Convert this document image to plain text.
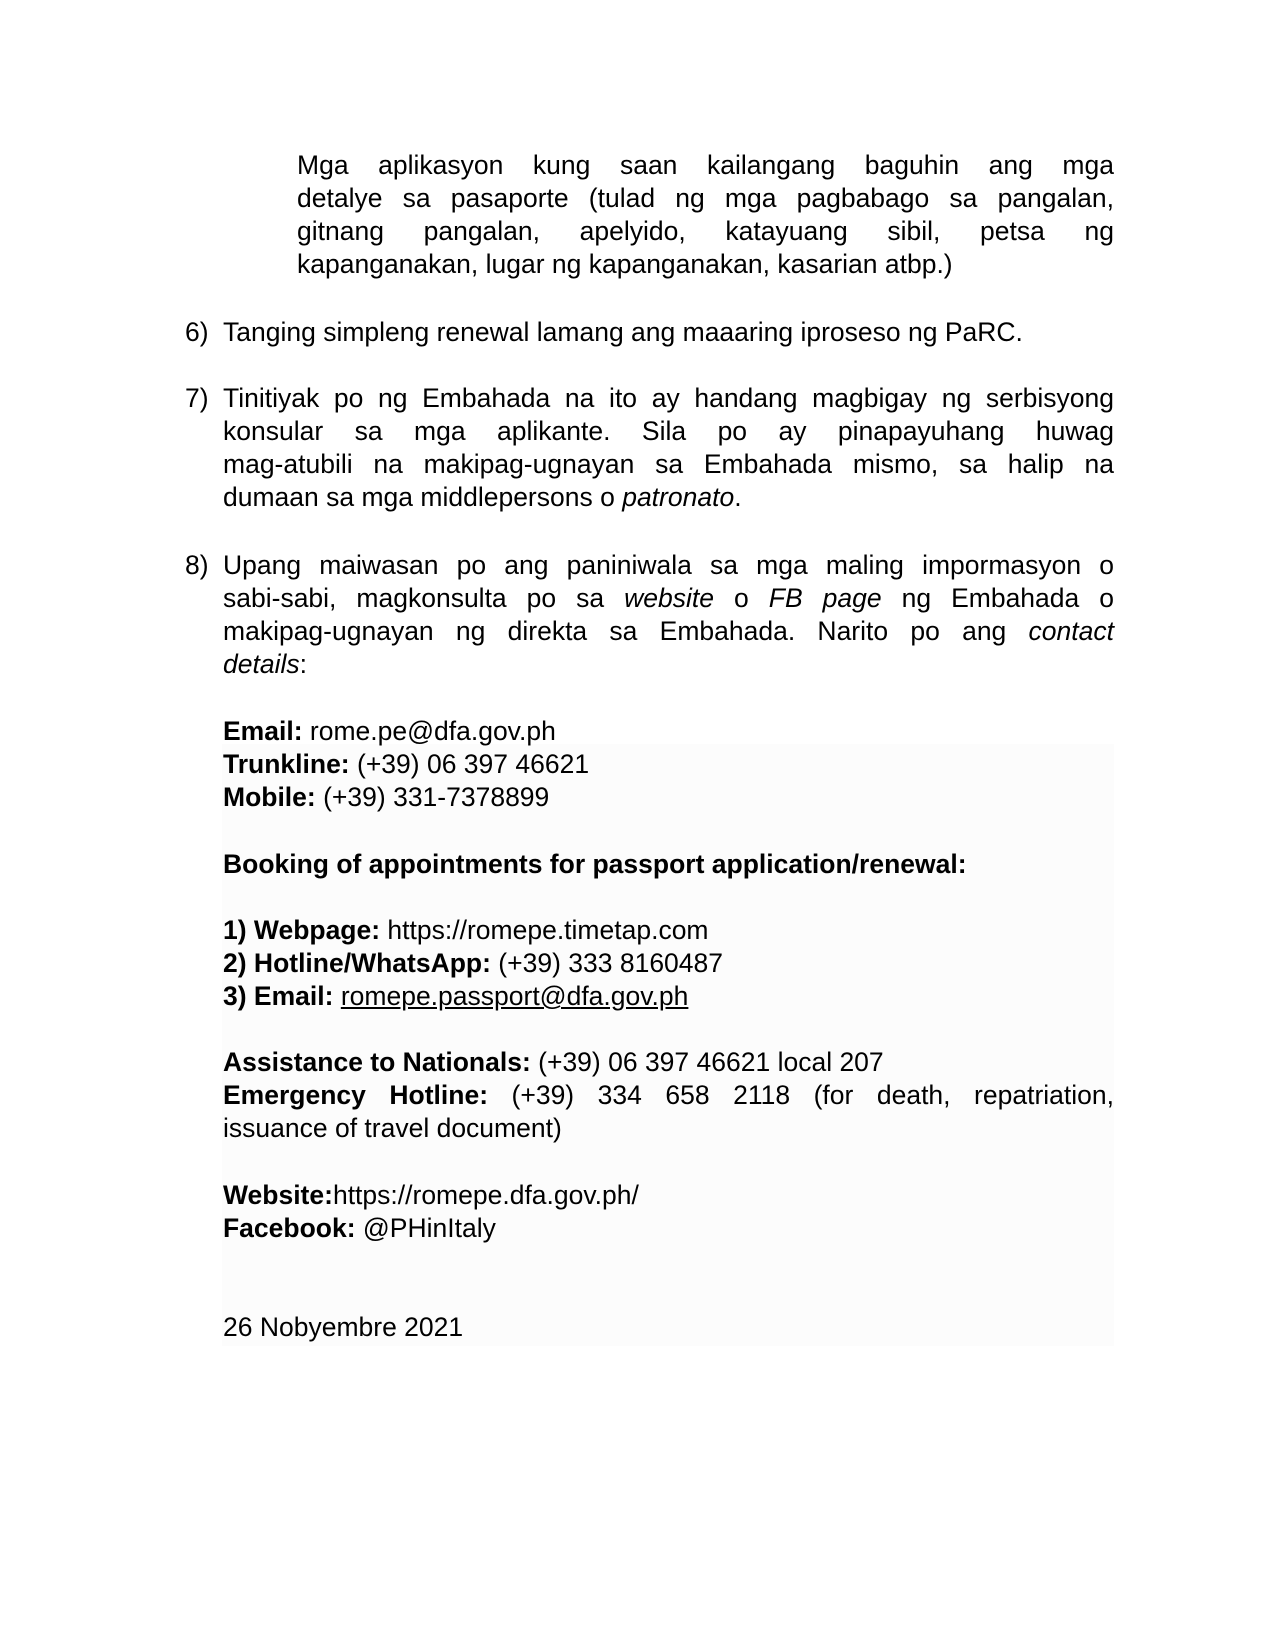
Mga aplikasyon kung saan kailangang baguhin ang mga
detalye sa pasaporte (tulad ng mga pagbabago sa pangalan,
gitnang pangalan, apelyido, katayuang sibil, petsa ng
kapanganakan, lugar ng kapanganakan, kasarian atbp.)
6) Tanging simpleng renewal lamang ang maaaring iproseso ng PaRC.
7) Tinitiyak po ng Embahada na ito ay handang magbigay ng serbisyong
konsular sa mga aplikante. Sila po ay pinapayuhang huwag
mag-atubili na makipag-ugnayan sa Embahada mismo, sa halip na
dumaan sa mga middlepersons o patronato.
8) Upang maiwasan po ang paniniwala sa mga maling impormasyon o
sabi-sabi, magkonsulta po sa website o FB page ng Embahada o
makipag-ugnayan ng direkta sa Embahada. Narito po ang contact
details:
Email: rome.pe@dfa.gov.ph
Trunkline: (+39) 06 397 46621
Mobile: (+39) 331-7378899
Booking of appointments for passport application/renewal:
1) Webpage: https://romepe.timetap.com
2) Hotline/WhatsApp: (+39) 333 8160487
3) Email: romepe.passport@dfa.gov.ph
Assistance to Nationals: (+39) 06 397 46621 local 207
Emergency Hotline: (+39) 334 658 2118 (for death, repatriation,
issuance of travel document)
Website:https://romepe.dfa.gov.ph/
Facebook: @PHinItaly
26 Nobyembre 2021
